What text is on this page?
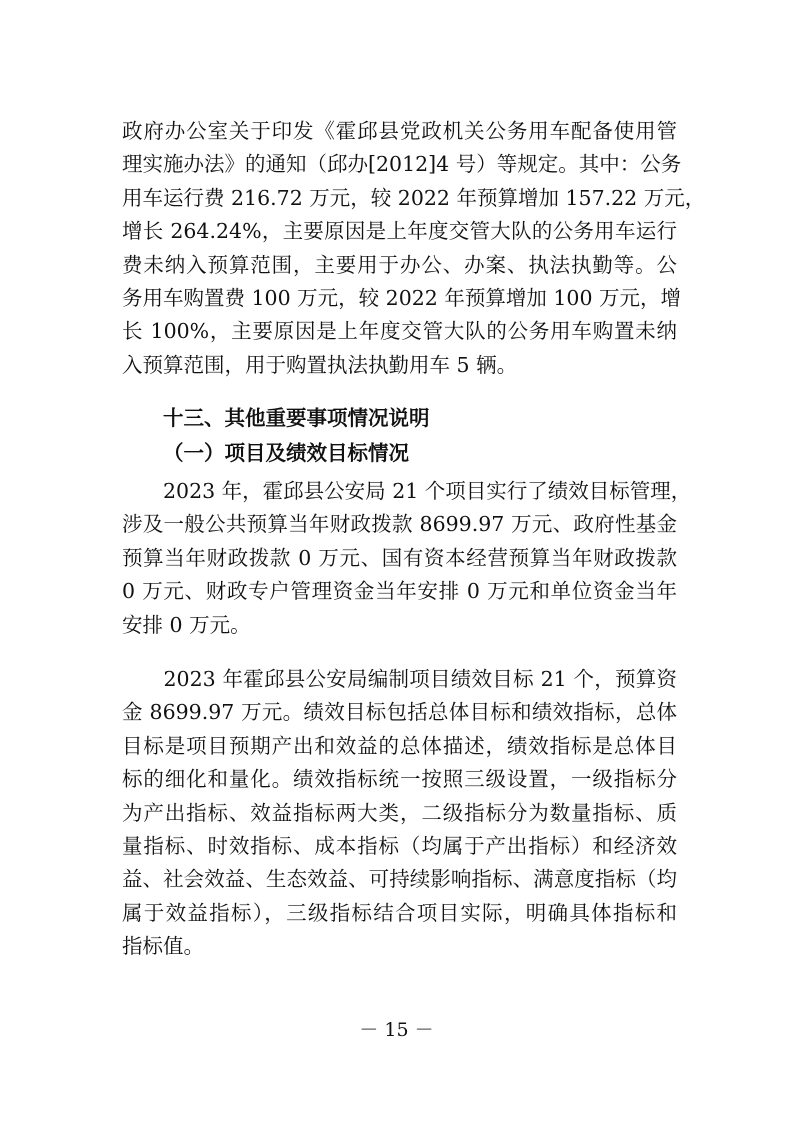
政府办公室关于印发《霍邱县党政机关公务用车配备使用管
理实施办法》的通知（邱办[2012]4 号）等规定。其中：公务
用车运行费 216.72 万元，较 2022 年预算增加 157.22 万元，
增长 264.24%，主要原因是上年度交管大队的公务用车运行
费未纳入预算范围，主要用于办公、办案、执法执勤等。公
务用车购置费 100 万元，较 2022 年预算增加 100 万元，增
长 100%，主要原因是上年度交管大队的公务用车购置未纳
入预算范围，用于购置执法执勤用车 5 辆。
十三、其他重要事项情况说明
（一）项目及绩效目标情况
　　2023 年，霍邱县公安局 21 个项目实行了绩效目标管理，
涉及一般公共预算当年财政拨款 8699.97 万元、政府性基金
预算当年财政拨款 0 万元、国有资本经营预算当年财政拨款
0 万元、财政专户管理资金当年安排 0 万元和单位资金当年
安排 0 万元。
　　2023 年霍邱县公安局编制项目绩效目标 21 个，预算资
金 8699.97 万元。绩效目标包括总体目标和绩效指标，总体
目标是项目预期产出和效益的总体描述，绩效指标是总体目
标的细化和量化。绩效指标统一按照三级设置，一级指标分
为产出指标、效益指标两大类，二级指标分为数量指标、质
量指标、时效指标、成本指标（均属于产出指标）和经济效
益、社会效益、生态效益、可持续影响指标、满意度指标（均
属于效益指标），三级指标结合项目实际，明确具体指标和
指标值。
－ 15 －
